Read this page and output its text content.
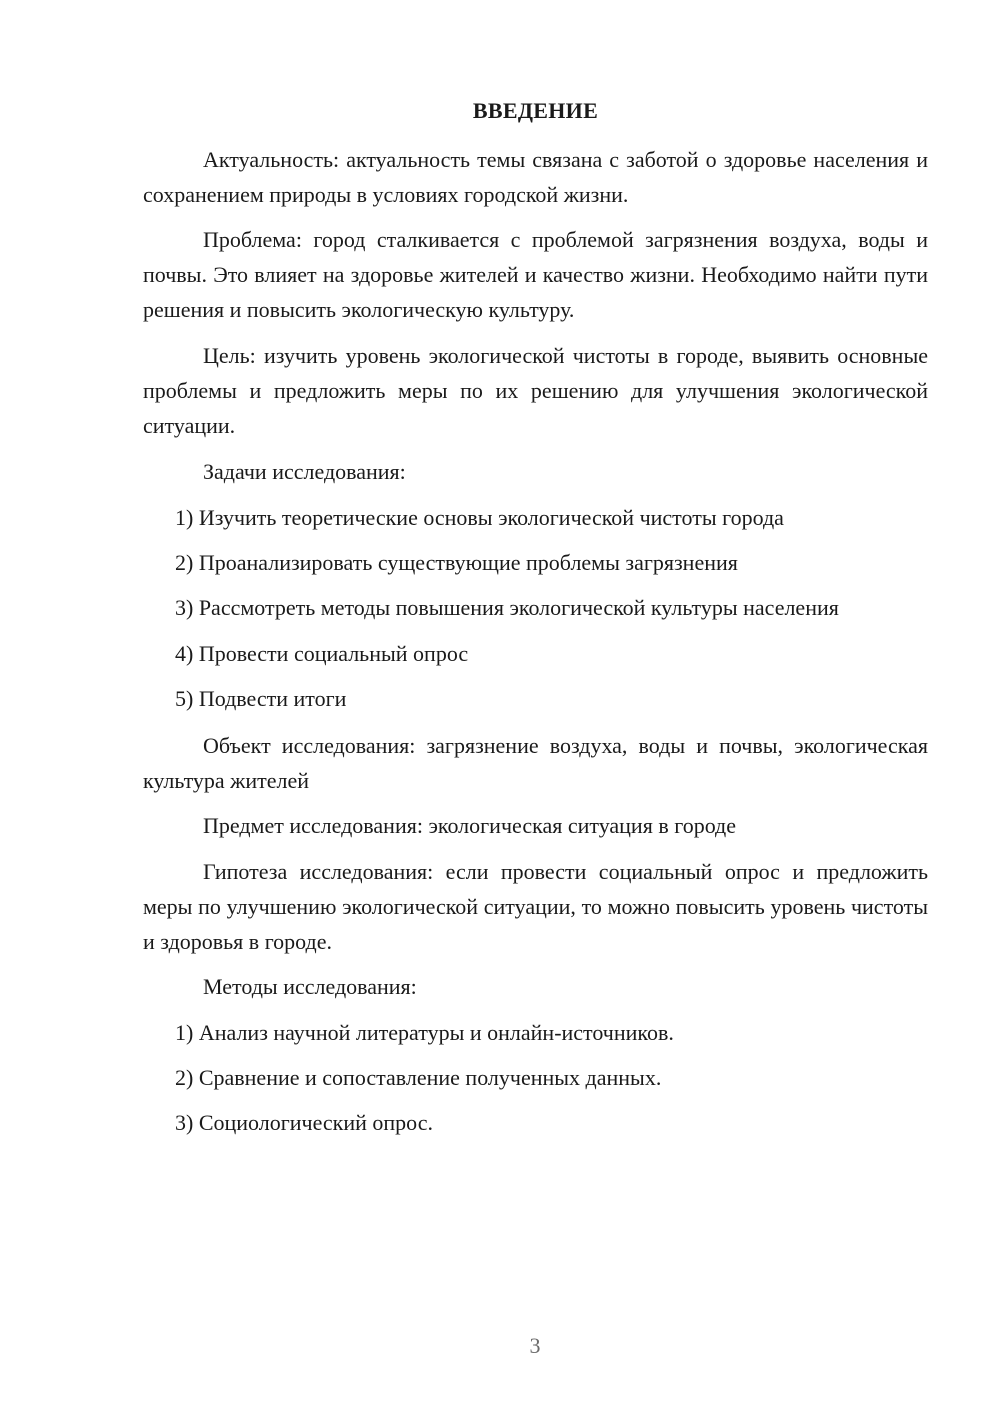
ВВЕДЕНИЕ

Актуальность: актуальность темы связана с заботой о здоровье населения и сохранением природы в условиях городской жизни.

Проблема: город сталкивается с проблемой загрязнения воздуха, воды и почвы. Это влияет на здоровье жителей и качество жизни. Необходимо найти пути решения и повысить экологическую культуру.

Цель: изучить уровень экологической чистоты в городе, выявить основные проблемы и предложить меры по их решению для улучшения экологической ситуации.

Задачи исследования:
1) Изучить теоретические основы экологической чистоты города
2) Проанализировать существующие проблемы загрязнения
3) Рассмотреть методы повышения экологической культуры населения
4) Провести социальный опрос
5) Подвести итоги

Объект исследования: загрязнение воздуха, воды и почвы, экологическая культура жителей

Предмет исследования: экологическая ситуация в городе

Гипотеза исследования: если провести социальный опрос и предложить меры по улучшению экологической ситуации, то можно повысить уровень чистоты и здоровья в городе.

Методы исследования:
1) Анализ научной литературы и онлайн-источников.
2) Сравнение и сопоставление полученных данных.
3) Социологический опрос.
3
